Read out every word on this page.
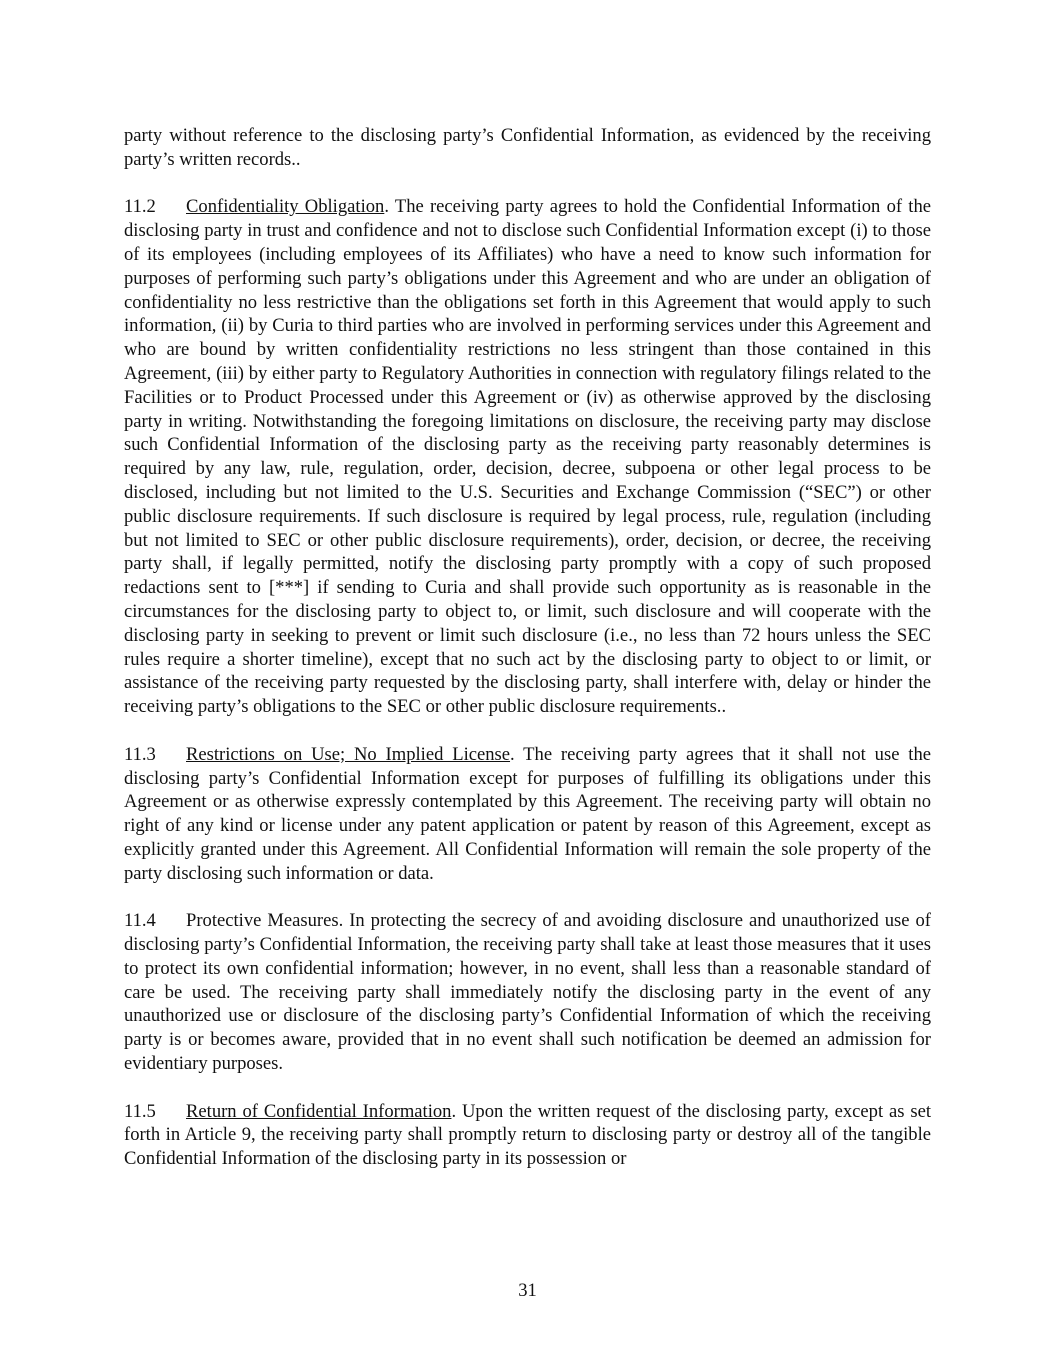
party without reference to the disclosing party’s Confidential Information, as evidenced by the receiving party’s written records..

11.2 Confidentiality Obligation. The receiving party agrees to hold the Confidential Information of the disclosing party in trust and confidence and not to disclose such Confidential Information except (i) to those of its employees (including employees of its Affiliates) who have a need to know such information for purposes of performing such party’s obligations under this Agreement and who are under an obligation of confidentiality no less restrictive than the obligations set forth in this Agreement that would apply to such information, (ii) by Curia to third parties who are involved in performing services under this Agreement and who are bound by written confidentiality restrictions no less stringent than those contained in this Agreement, (iii) by either party to Regulatory Authorities in connection with regulatory filings related to the Facilities or to Product Processed under this Agreement or (iv) as otherwise approved by the disclosing party in writing. Notwithstanding the foregoing limitations on disclosure, the receiving party may disclose such Confidential Information of the disclosing party as the receiving party reasonably determines is required by any law, rule, regulation, order, decision, decree, subpoena or other legal process to be disclosed, including but not limited to the U.S. Securities and Exchange Commission (“SEC”) or other public disclosure requirements. If such disclosure is required by legal process, rule, regulation (including but not limited to SEC or other public disclosure requirements), order, decision, or decree, the receiving party shall, if legally permitted, notify the disclosing party promptly with a copy of such proposed redactions sent to [***] if sending to Curia and shall provide such opportunity as is reasonable in the circumstances for the disclosing party to object to, or limit, such disclosure and will cooperate with the disclosing party in seeking to prevent or limit such disclosure (i.e., no less than 72 hours unless the SEC rules require a shorter timeline), except that no such act by the disclosing party to object to or limit, or assistance of the receiving party requested by the disclosing party, shall interfere with, delay or hinder the receiving party’s obligations to the SEC or other public disclosure requirements..

11.3 Restrictions on Use; No Implied License. The receiving party agrees that it shall not use the disclosing party’s Confidential Information except for purposes of fulfilling its obligations under this Agreement or as otherwise expressly contemplated by this Agreement. The receiving party will obtain no right of any kind or license under any patent application or patent by reason of this Agreement, except as explicitly granted under this Agreement. All Confidential Information will remain the sole property of the party disclosing such information or data.

11.4 Protective Measures. In protecting the secrecy of and avoiding disclosure and unauthorized use of disclosing party’s Confidential Information, the receiving party shall take at least those measures that it uses to protect its own confidential information; however, in no event, shall less than a reasonable standard of care be used. The receiving party shall immediately notify the disclosing party in the event of any unauthorized use or disclosure of the disclosing party’s Confidential Information of which the receiving party is or becomes aware, provided that in no event shall such notification be deemed an admission for evidentiary purposes.

11.5 Return of Confidential Information. Upon the written request of the disclosing party, except as set forth in Article 9, the receiving party shall promptly return to disclosing party or destroy all of the tangible Confidential Information of the disclosing party in its possession or

31
